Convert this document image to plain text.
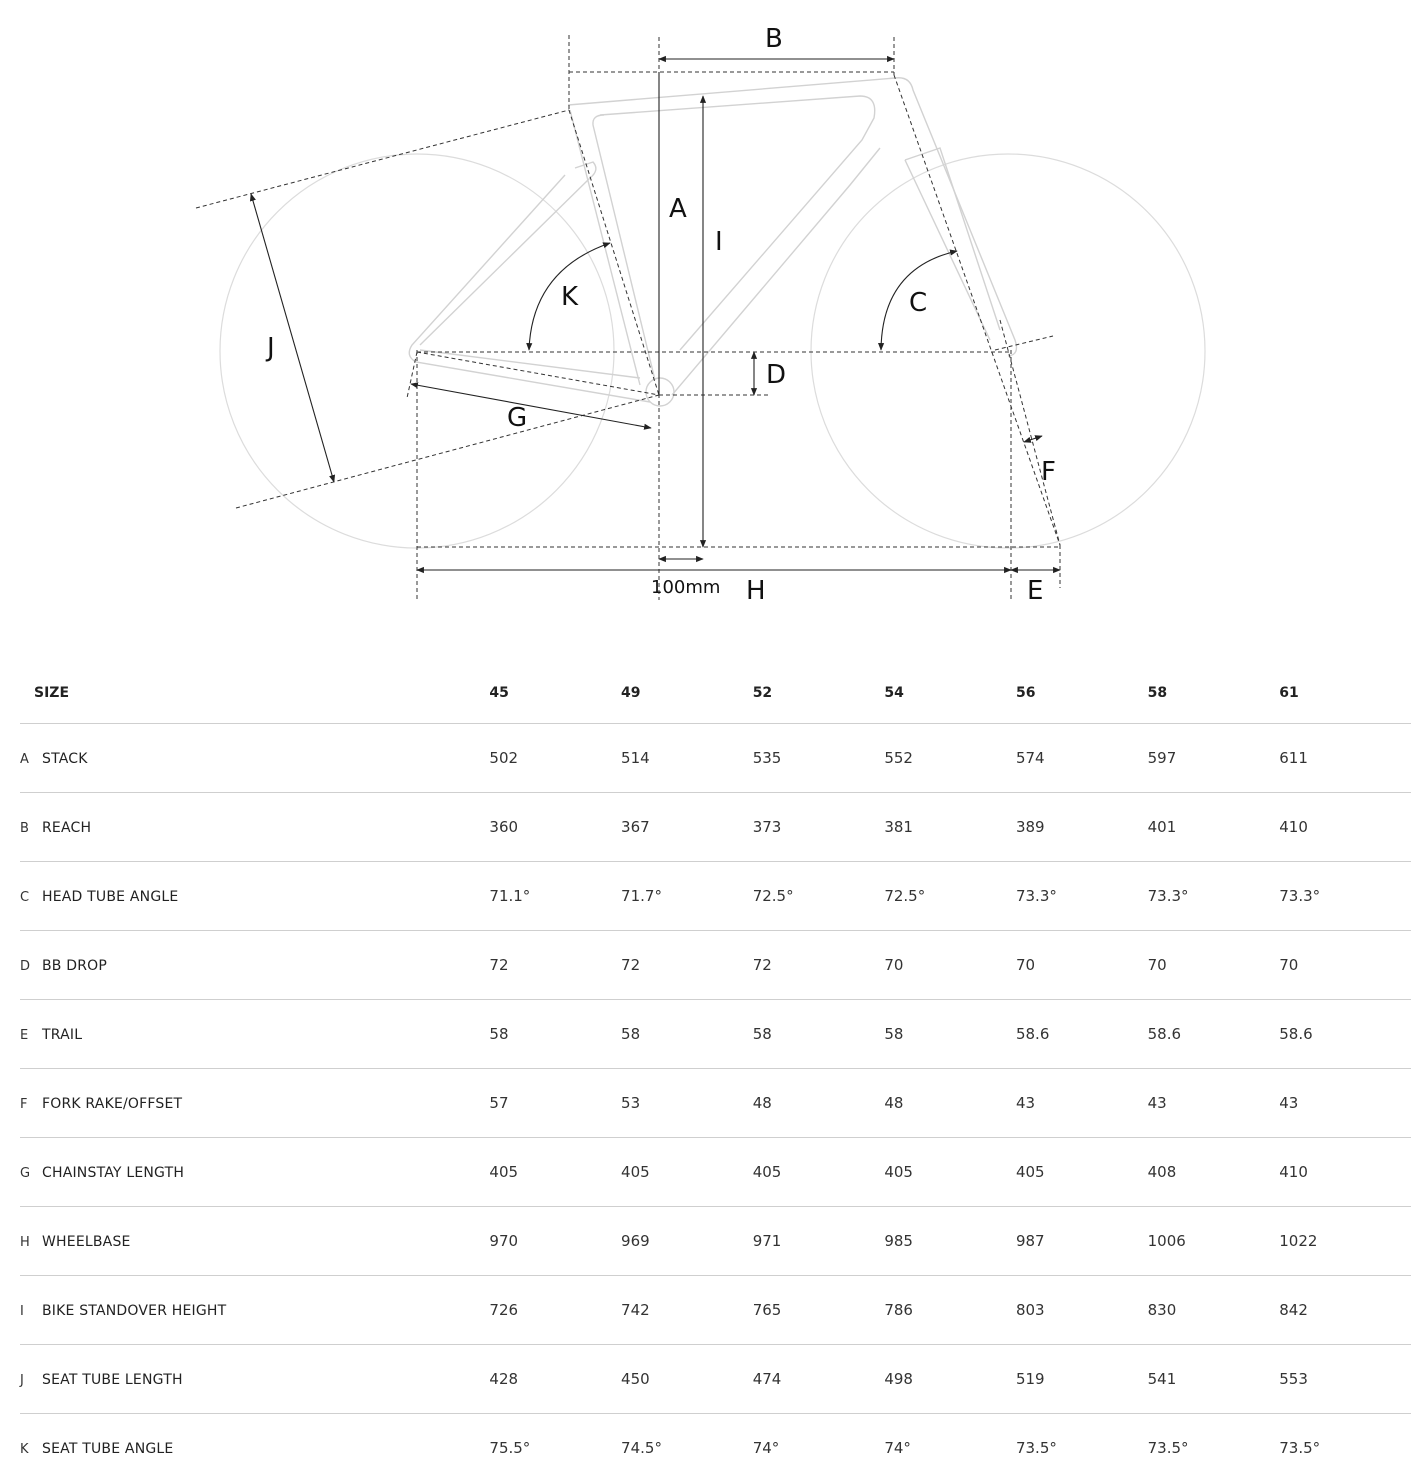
A
B
C
D
E
F
G
H
I
J
K
100mm
SIZE	45	49	52	54	56	58	61
A STACK	502	514	535	552	574	597	611
B REACH	360	367	373	381	389	401	410
C HEAD TUBE ANGLE	71.1°	71.7°	72.5°	72.5°	73.3°	73.3°	73.3°
D BB DROP	72	72	72	70	70	70	70
E TRAIL	58	58	58	58	58.6	58.6	58.6
F FORK RAKE/OFFSET	57	53	48	48	43	43	43
G CHAINSTAY LENGTH	405	405	405	405	405	408	410
H WHEELBASE	970	969	971	985	987	1006	1022
I BIKE STANDOVER HEIGHT	726	742	765	786	803	830	842
J SEAT TUBE LENGTH	428	450	474	498	519	541	553
K SEAT TUBE ANGLE	75.5°	74.5°	74°	74°	73.5°	73.5°	73.5°
